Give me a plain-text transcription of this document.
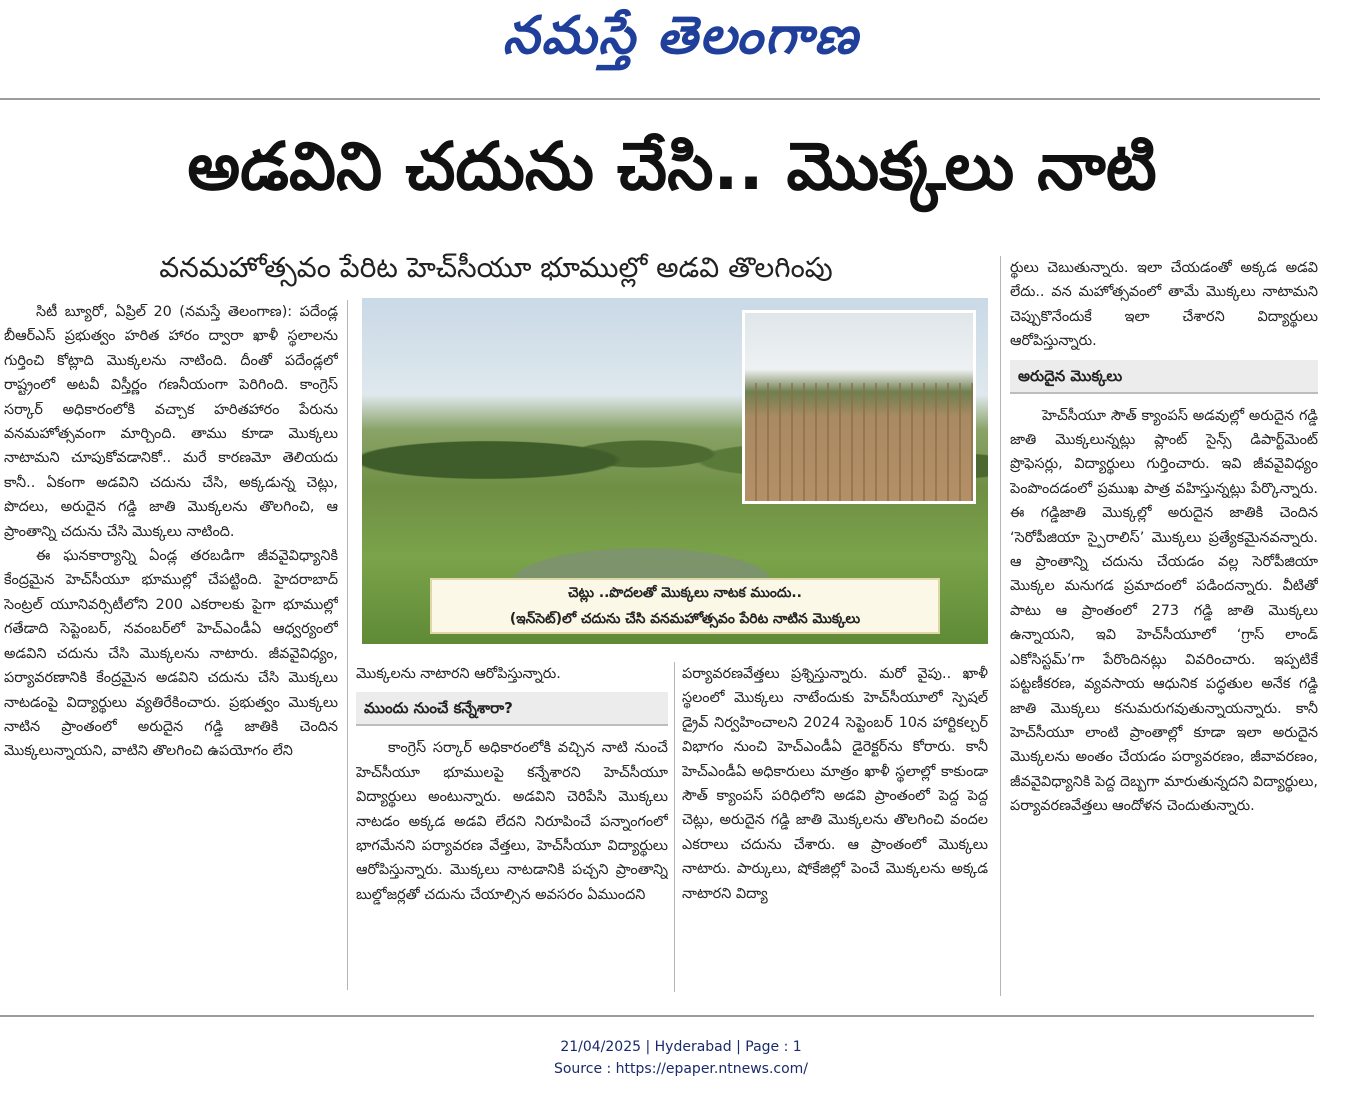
నమస్తే తెలంగాణ
అడవిని చదును చేసి.. మొక్కలు నాటి
వనమహోత్సవం పేరిట హెచ్‌సీయూ భూముల్లో అడవి తొలగింపు

సిటీ బ్యూరో, ఏప్రిల్ 20 (నమస్తే తెలంగాణ): పదేండ్ల బీఆర్‌ఎస్ ప్రభుత్వం హరిత హారం ద్వారా ఖాళీ స్థలాలను గుర్తించి కోట్లాది మొక్కలను నాటింది. దీంతో పదేండ్లలో రాష్ట్రంలో అటవీ విస్తీర్ణం గణనీయంగా పెరిగింది. కాంగ్రెస్ సర్కార్ అధికారంలోకి వచ్చాక హరితహారం పేరును వనమహోత్సవంగా మార్చింది. తాము కూడా మొక్కలు నాటామని చూపుకోవడానికో.. మరే కారణమో తెలియదు కానీ.. ఏకంగా అడవిని చదును చేసి, అక్కడున్న చెట్లు, పొదలు, అరుదైన గడ్డి జాతి మొక్కలను తొలగించి, ఆ ప్రాంతాన్ని చదును చేసి మొక్కలు నాటింది.

ఈ ఘనకార్యాన్ని ఏండ్ల తరబడిగా జీవవైవిధ్యానికి కేంద్రమైన హెచ్‌సీయూ భూముల్లో చేపట్టింది. హైదరాబాద్ సెంట్రల్ యూనివర్సిటీలోని 200 ఎకరాలకు పైగా భూముల్లో గతేడాది సెప్టెంబర్, నవంబర్‌లో హెచ్‌ఎండీఏ ఆధ్వర్యంలో అడవిని చదును చేసి మొక్కలను నాటారు. జీవవైవిధ్యం, పర్యావరణానికి కేంద్రమైన అడవిని చదును చేసి మొక్కలు నాటడంపై విద్యార్థులు వ్యతిరేకించారు. ప్రభుత్వం మొక్కలు నాటిన ప్రాంతంలో అరుదైన గడ్డి జాతికి చెందిన మొక్కలున్నాయని, వాటిని తొలగించి ఉపయోగం లేని

చెట్లు ..పొదలతో మొక్కలు నాటక ముందు..
(ఇన్‌సెట్)లో చదును చేసి వనమహోత్సవం పేరిట నాటిన మొక్కలు

మొక్కలను నాటారని ఆరోపిస్తున్నారు.

ముందు నుంచే కన్నేశారా?

కాంగ్రెస్ సర్కార్ అధికారంలోకి వచ్చిన నాటి నుంచే హెచ్‌సీయూ భూములపై కన్నేశారని హెచ్‌సీయూ విద్యార్థులు అంటున్నారు. అడవిని చెరిపేసి మొక్కలు నాటడం అక్కడ అడవి లేదని నిరూపించే పన్నాంగంలో భాగమేనని పర్యావరణ వేత్తలు, హెచ్‌సీయూ విద్యార్థులు ఆరోపిస్తున్నారు. మొక్కలు నాటడానికి పచ్చని ప్రాంతాన్ని బుల్డోజర్లతో చదును చేయాల్సిన అవసరం ఏముందని

పర్యావరణవేత్తలు ప్రశ్నిస్తున్నారు. మరో వైపు.. ఖాళీ స్థలంలో మొక్కలు నాటేందుకు హెచ్‌సీయూలో స్పెషల్ డ్రైవ్ నిర్వహించాలని 2024 సెప్టెంబర్ 10న హార్టికల్చర్ విభాగం నుంచి హెచ్‌ఎండీఏ డైరెక్టర్‌ను కోరారు. కానీ హెచ్‌ఎండీఏ అధికారులు మాత్రం ఖాళీ స్థలాల్లో కాకుండా సౌత్ క్యాంపస్ పరిధిలోని అడవి ప్రాంతంలో పెద్ద పెద్ద చెట్లు, అరుదైన గడ్డి జాతి మొక్కలను తొలగించి వందల ఎకరాలు చదును చేశారు. ఆ ప్రాంతంలో మొక్కలు నాటారు. పార్కులు, షోకేజిల్లో పెంచే మొక్కలను అక్కడ నాటారని విద్యా

ర్థులు చెబుతున్నారు. ఇలా చేయడంతో అక్కడ అడవి లేదు.. వన మహోత్సవంలో తామే మొక్కలు నాటామని చెప్పుకొనేందుకే ఇలా చేశారని విద్యార్థులు ఆరోపిస్తున్నారు.

అరుదైన మొక్కలు

హెచ్‌సీయూ సౌత్ క్యాంపస్ అడవుల్లో అరుదైన గడ్డి జాతి మొక్కలున్నట్లు ప్లాంట్ సైన్స్ డిపార్ట్‌మెంట్ ప్రొఫెసర్లు, విద్యార్థులు గుర్తించారు. ఇవి జీవవైవిధ్యం పెంపొందడంలో ప్రముఖ పాత్ర వహిస్తున్నట్లు పేర్కొన్నారు. ఈ గడ్డిజాతి మొక్కల్లో అరుదైన జాతికి చెందిన ‘సెరోపీజియా స్పైరాలిస్’ మొక్కలు ప్రత్యేకమైనవన్నారు. ఆ ప్రాంతాన్ని చదును చేయడం వల్ల సెరోపీజియా మొక్కల మనుగడ ప్రమాదంలో పడిందన్నారు. వీటితో పాటు ఆ ప్రాంతంలో 273 గడ్డి జాతి మొక్కలు ఉన్నాయని, ఇవి హెచ్‌సీయూలో ‘గ్రాస్ లాండ్ ఎకోసిస్టమ్’గా పేరొందినట్లు వివరించారు. ఇప్పటికే పట్టణీకరణ, వ్యవసాయ ఆధునిక పద్ధతుల అనేక గడ్డి జాతి మొక్కలు కనుమరుగవుతున్నాయన్నారు. కానీ హెచ్‌సీయూ లాంటి ప్రాంతాల్లో కూడా ఇలా అరుదైన మొక్కలను అంతం చేయడం పర్యావరణం, జీవావరణం, జీవవైవిధ్యానికి పెద్ద దెబ్బగా మారుతున్నదని విద్యార్థులు, పర్యావరణవేత్తలు ఆందోళన చెందుతున్నారు.

21/04/2025 | Hyderabad | Page : 1
Source : https://epaper.ntnews.com/
